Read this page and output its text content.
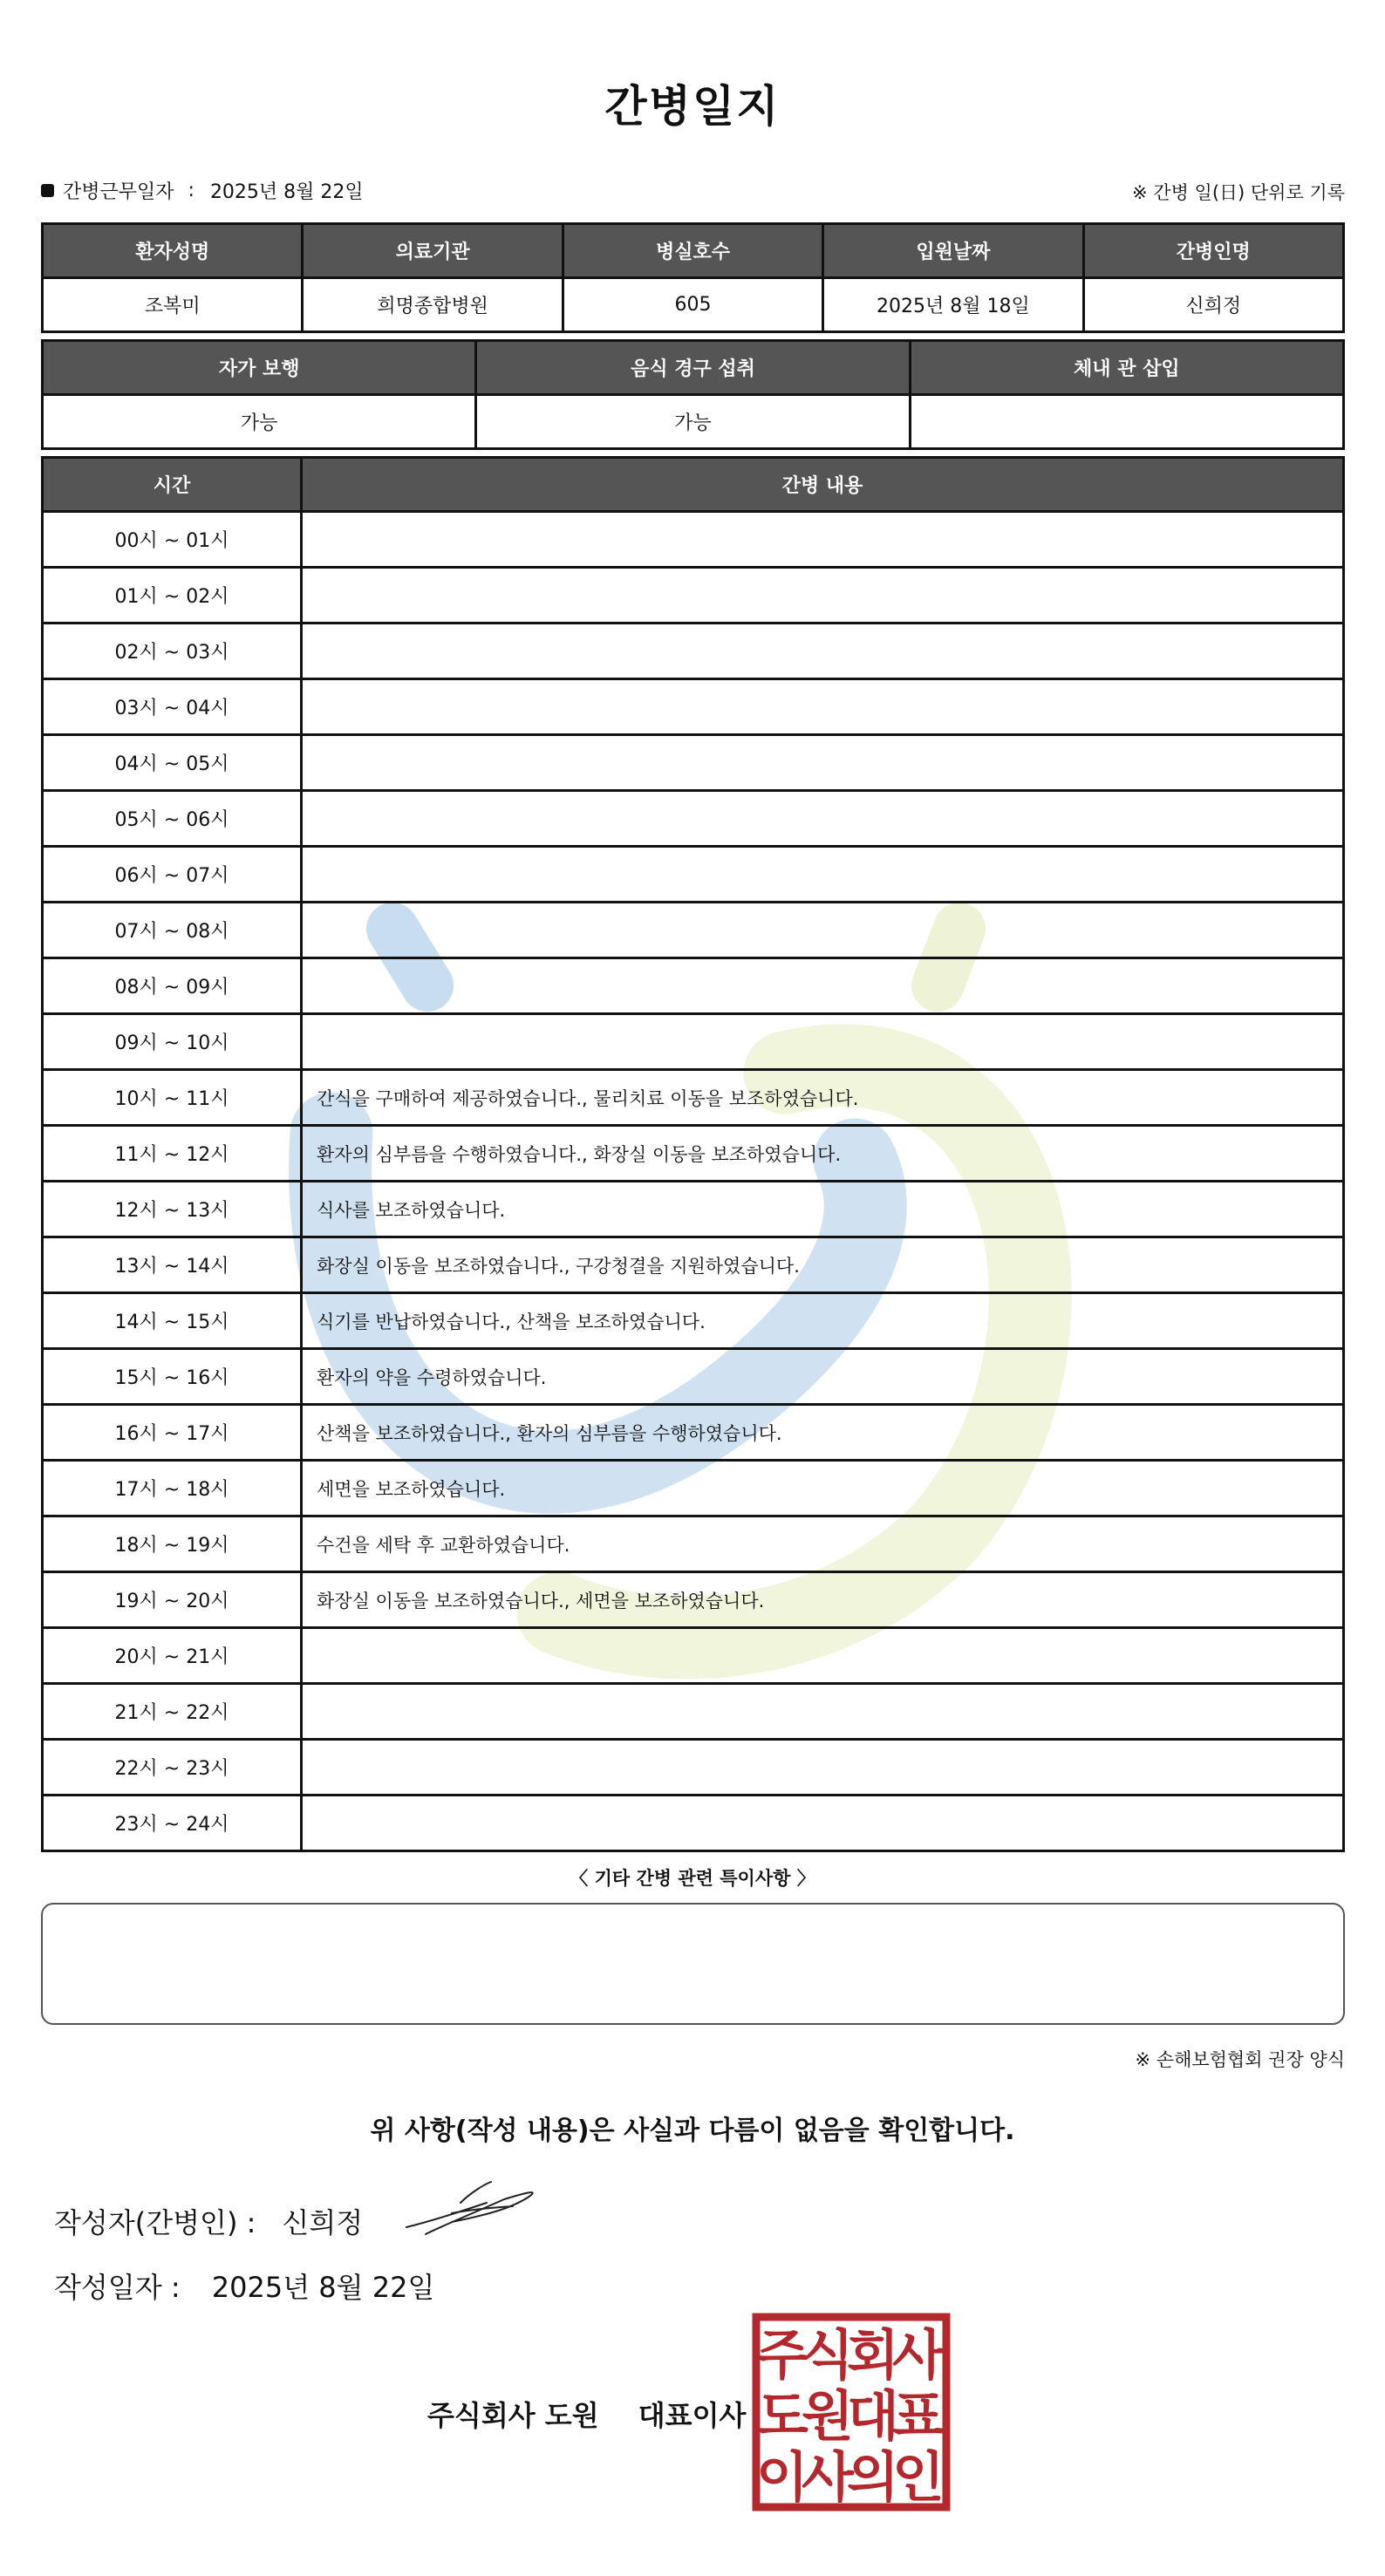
간병일지
간병근무일자 : 2025년 8월 22일	※ 간병 일(日) 단위로 기록
환자성명	의료기관	병실호수	입원날짜	간병인명
조복미	희명종합병원	605	2025년 8월 18일	신희정
자가 보행	음식 경구 섭취	체내 관 삽입
가능	가능	
시간	간병 내용
00시 ~ 01시	
01시 ~ 02시	
02시 ~ 03시	
03시 ~ 04시	
04시 ~ 05시	
05시 ~ 06시	
06시 ~ 07시	
07시 ~ 08시	
08시 ~ 09시	
09시 ~ 10시	
10시 ~ 11시	간식을 구매하여 제공하였습니다., 물리치료 이동을 보조하였습니다.
11시 ~ 12시	환자의 심부름을 수행하였습니다., 화장실 이동을 보조하였습니다.
12시 ~ 13시	식사를 보조하였습니다.
13시 ~ 14시	화장실 이동을 보조하였습니다., 구강청결을 지원하였습니다.
14시 ~ 15시	식기를 반납하였습니다., 산책을 보조하였습니다.
15시 ~ 16시	환자의 약을 수령하였습니다.
16시 ~ 17시	산책을 보조하였습니다., 환자의 심부름을 수행하였습니다.
17시 ~ 18시	세면을 보조하였습니다.
18시 ~ 19시	수건을 세탁 후 교환하였습니다.
19시 ~ 20시	화장실 이동을 보조하였습니다., 세면을 보조하였습니다.
20시 ~ 21시	
21시 ~ 22시	
22시 ~ 23시	
23시 ~ 24시	
〈 기타 간병 관련 특이사항 〉
※ 손해보험협회 권장 양식
위 사항(작성 내용)은 사실과 다름이 없음을 확인합니다.
작성자(간병인) : 신희정
작성일자 : 2025년 8월 22일
주식회사 도원 대표이사
주
식
회
사
도
원
대
표
이
사
의
인
